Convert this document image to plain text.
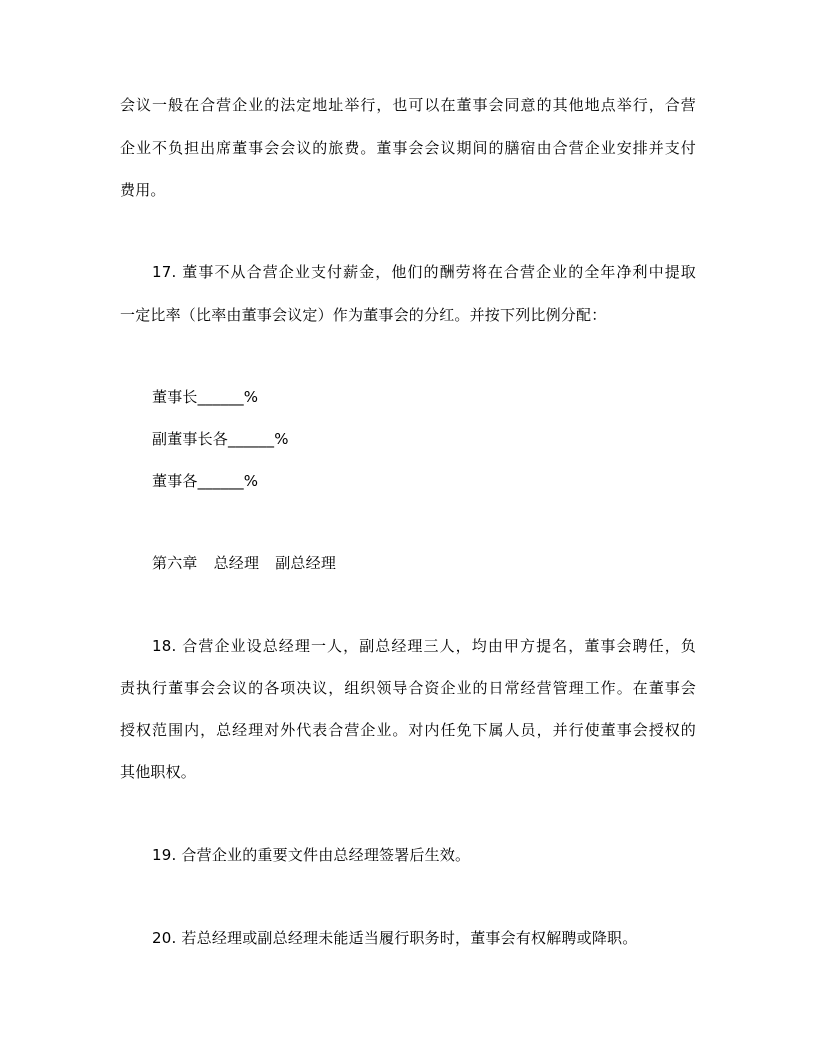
会议一般在合营企业的法定地址举行，也可以在董事会同意的其他地点举行，合营
企业不负担出席董事会会议的旅费。董事会会议期间的膳宿由合营企业安排并支付
费用。
17. 董事不从合营企业支付薪金，他们的酬劳将在合营企业的全年净利中提取
一定比率（比率由董事会议定）作为董事会的分红。并按下列比例分配：
董事长______%
副董事长各______%
董事各______%
第六章 总经理 副总经理
18. 合营企业设总经理一人，副总经理三人，均由甲方提名，董事会聘任，负
责执行董事会会议的各项决议，组织领导合资企业的日常经营管理工作。在董事会
授权范围内，总经理对外代表合营企业。对内任免下属人员，并行使董事会授权的
其他职权。
19. 合营企业的重要文件由总经理签署后生效。
20. 若总经理或副总经理未能适当履行职务时，董事会有权解聘或降职。
